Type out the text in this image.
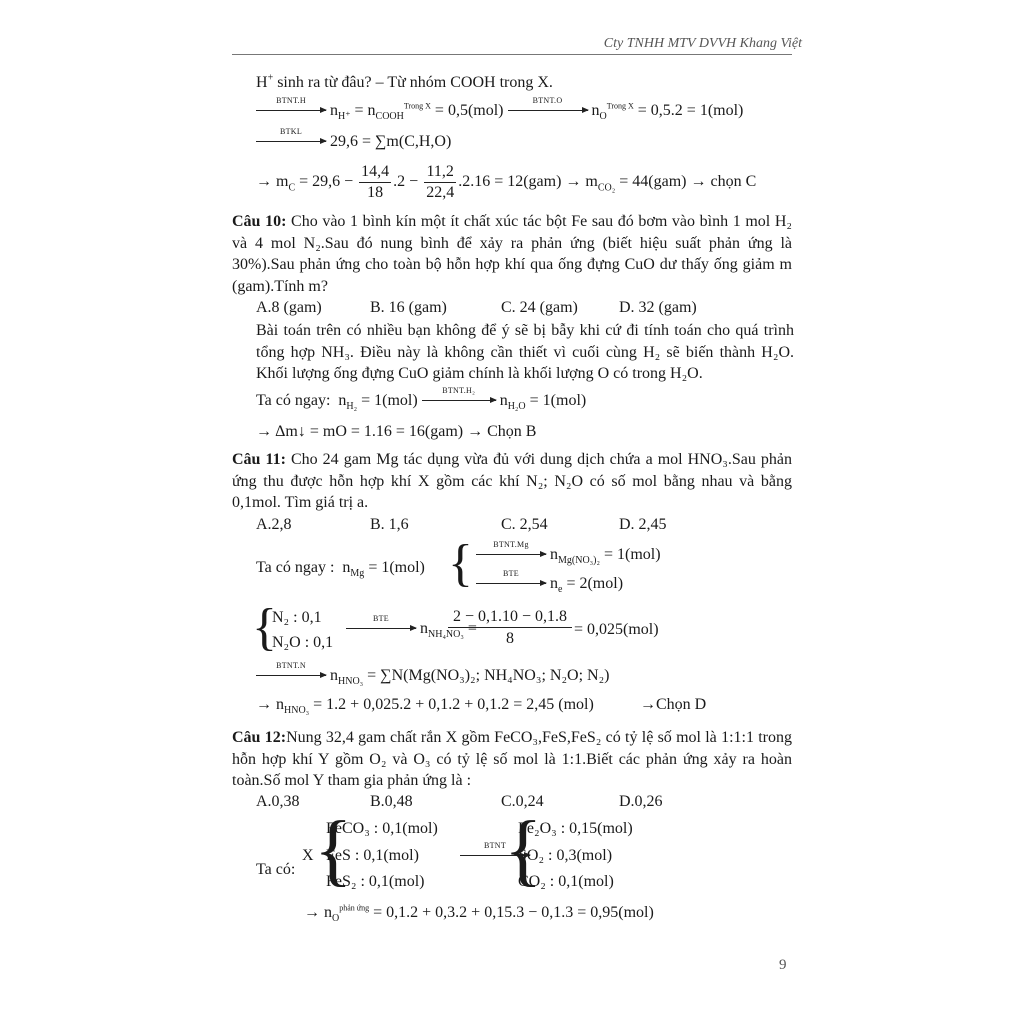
Cty TNHH MTV DVVH Khang Việt
H+ sinh ra từ đâu? – Từ nhóm COOH trong X.
BTNT.H
$n_{H^+} = n_{COOH}^{Trong X} = 0,5(mol)$
BTNT.O
$n_O^{Trong X} = 0,5.2 = 1(mol)$
BTKL
29,6 = ∑m(C,H,O)
→ $m_C = 29,6 - \frac{14,4}{18} .2 - \frac{11,2}{22,4} .2.16 = 12(gam) \to m_{CO_2} = 44(gam)$ → chọn C
Câu 10: Cho vào 1 bình kín một ít chất xúc tác bột Fe sau đó bơm vào bình 1 mol H₂ và 4 mol N₂.Sau đó nung bình để xảy ra phản ứng (biết hiệu suất phản ứng là 30%).Sau phản ứng cho toàn bộ hỗn hợp khí qua ống đựng CuO dư thấy ống giảm m (gam).Tính m?
A.8 (gam)	B. 16 (gam)	C. 24 (gam)	D. 32 (gam)
Bài toán trên có nhiều bạn không để ý sẽ bị bẫy khi cứ đi tính toán cho quá trình tổng hợp NH₃. Điều này là không cần thiết vì cuối cùng H₂ sẽ biến thành H₂O. Khối lượng ống đựng CuO giảm chính là khối lượng O có trong H₂O.
Ta có ngay:  $n_{H_2} = 1(mol)$
BTNT.H₂
$n_{H_2O} = 1(mol)$
→ Δm↓ = mO = 1.16 = 16(gam) → Chọn B
Câu 11: Cho 24 gam Mg tác dụng vừa đủ với dung dịch chứa a mol HNO₃.Sau phản ứng thu được hỗn hợp khí X gồm các khí N₂; N₂O có số mol bằng nhau và bằng 0,1mol. Tìm giá trị a.
A.2,8	B. 1,6	C. 2,54	D. 2,45
Ta có ngay : $n_{Mg} = 1(mol)$ {	BTNT.Mg
$n_{Mg(NO_3)_2} = 1(mol)$
BTE
$n_e = 2(mol)$
{
N₂ : 0,1
N₂O : 0,1
BTE
$n_{NH_4NO_3}$ =
$\frac{2 - 0,1.10 - 0,1.8}{8} = 0,025(mol)$
BTNT.N
$n_{HNO_3} = \sum N(Mg(NO_3)_2$; NH₄NO₃; N₂O; N₂)
→ $n_{HNO_3} = 1.2 + 0,025.2 + 0,1.2 + 0,1.2 = 2,45$ (mol)	→Chọn D
Câu 12:Nung 32,4 gam chất rắn X gồm FeCO₃,FeS,FeS₂ có tỷ lệ số mol là 1:1:1 trong hỗn hợp khí Y gồm O₂ và O₃ có tỷ lệ số mol là 1:1.Biết các phản ứng xảy ra hoàn toàn.Số mol Y tham gia phản ứng là :
A.0,38	B.0,48	C.0,24	D.0,26
Ta có:
X {
FeCO₃ : 0,1(mol)
FeS : 0,1(mol)
FeS₂ : 0,1(mol)
BTNT
{
Fe₂O₃ : 0,15(mol)
SO₂ : 0,3(mol)
CO₂ : 0,1(mol)
→ $n_O^{phản ứng} = 0,1.2 + 0,3.2 + 0,15.3 - 0,1.3 = 0,95(mol)$
9
